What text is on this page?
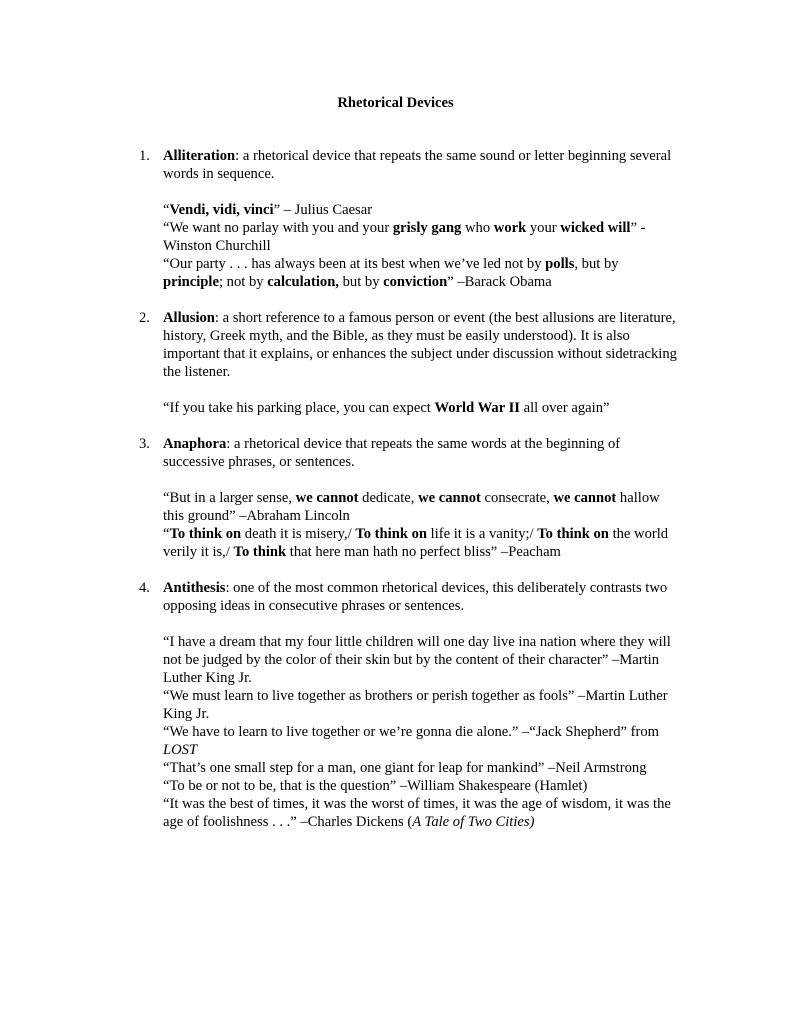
Rhetorical Devices
1. Alliteration: a rhetorical device that repeats the same sound or letter beginning several words in sequence.

“Vendi, vidi, vinci” – Julius Caesar

“We want no parlay with you and your grisly gang who work your wicked will” -Winston Churchill

“Our party . . . has always been at its best when we’ve led not by polls, but by principle; not by calculation, but by conviction” –Barack Obama

2. Allusion: a short reference to a famous person or event (the best allusions are literature, history, Greek myth, and the Bible, as they must be easily understood). It is also important that it explains, or enhances the subject under discussion without sidetracking the listener.

“If you take his parking place, you can expect World War II all over again”

3. Anaphora: a rhetorical device that repeats the same words at the beginning of successive phrases, or sentences.

“But in a larger sense, we cannot dedicate, we cannot consecrate, we cannot hallow this ground” –Abraham Lincoln

“To think on death it is misery,/ To think on life it is a vanity;/ To think on the world verily it is,/ To think that here man hath no perfect bliss” –Peacham

4. Antithesis: one of the most common rhetorical devices, this deliberately contrasts two opposing ideas in consecutive phrases or sentences.

“I have a dream that my four little children will one day live ina nation where they will not be judged by the color of their skin but by the content of their character” –Martin Luther King Jr.

“We must learn to live together as brothers or perish together as fools” –Martin Luther King Jr.

“We have to learn to live together or we’re gonna die alone.” –“Jack Shepherd” from LOST

“That’s one small step for a man, one giant for leap for mankind” –Neil Armstrong

“To be or not to be, that is the question” –William Shakespeare (Hamlet)

“It was the best of times, it was the worst of times, it was the age of wisdom, it was the age of foolishness . . .” –Charles Dickens (A Tale of Two Cities)
